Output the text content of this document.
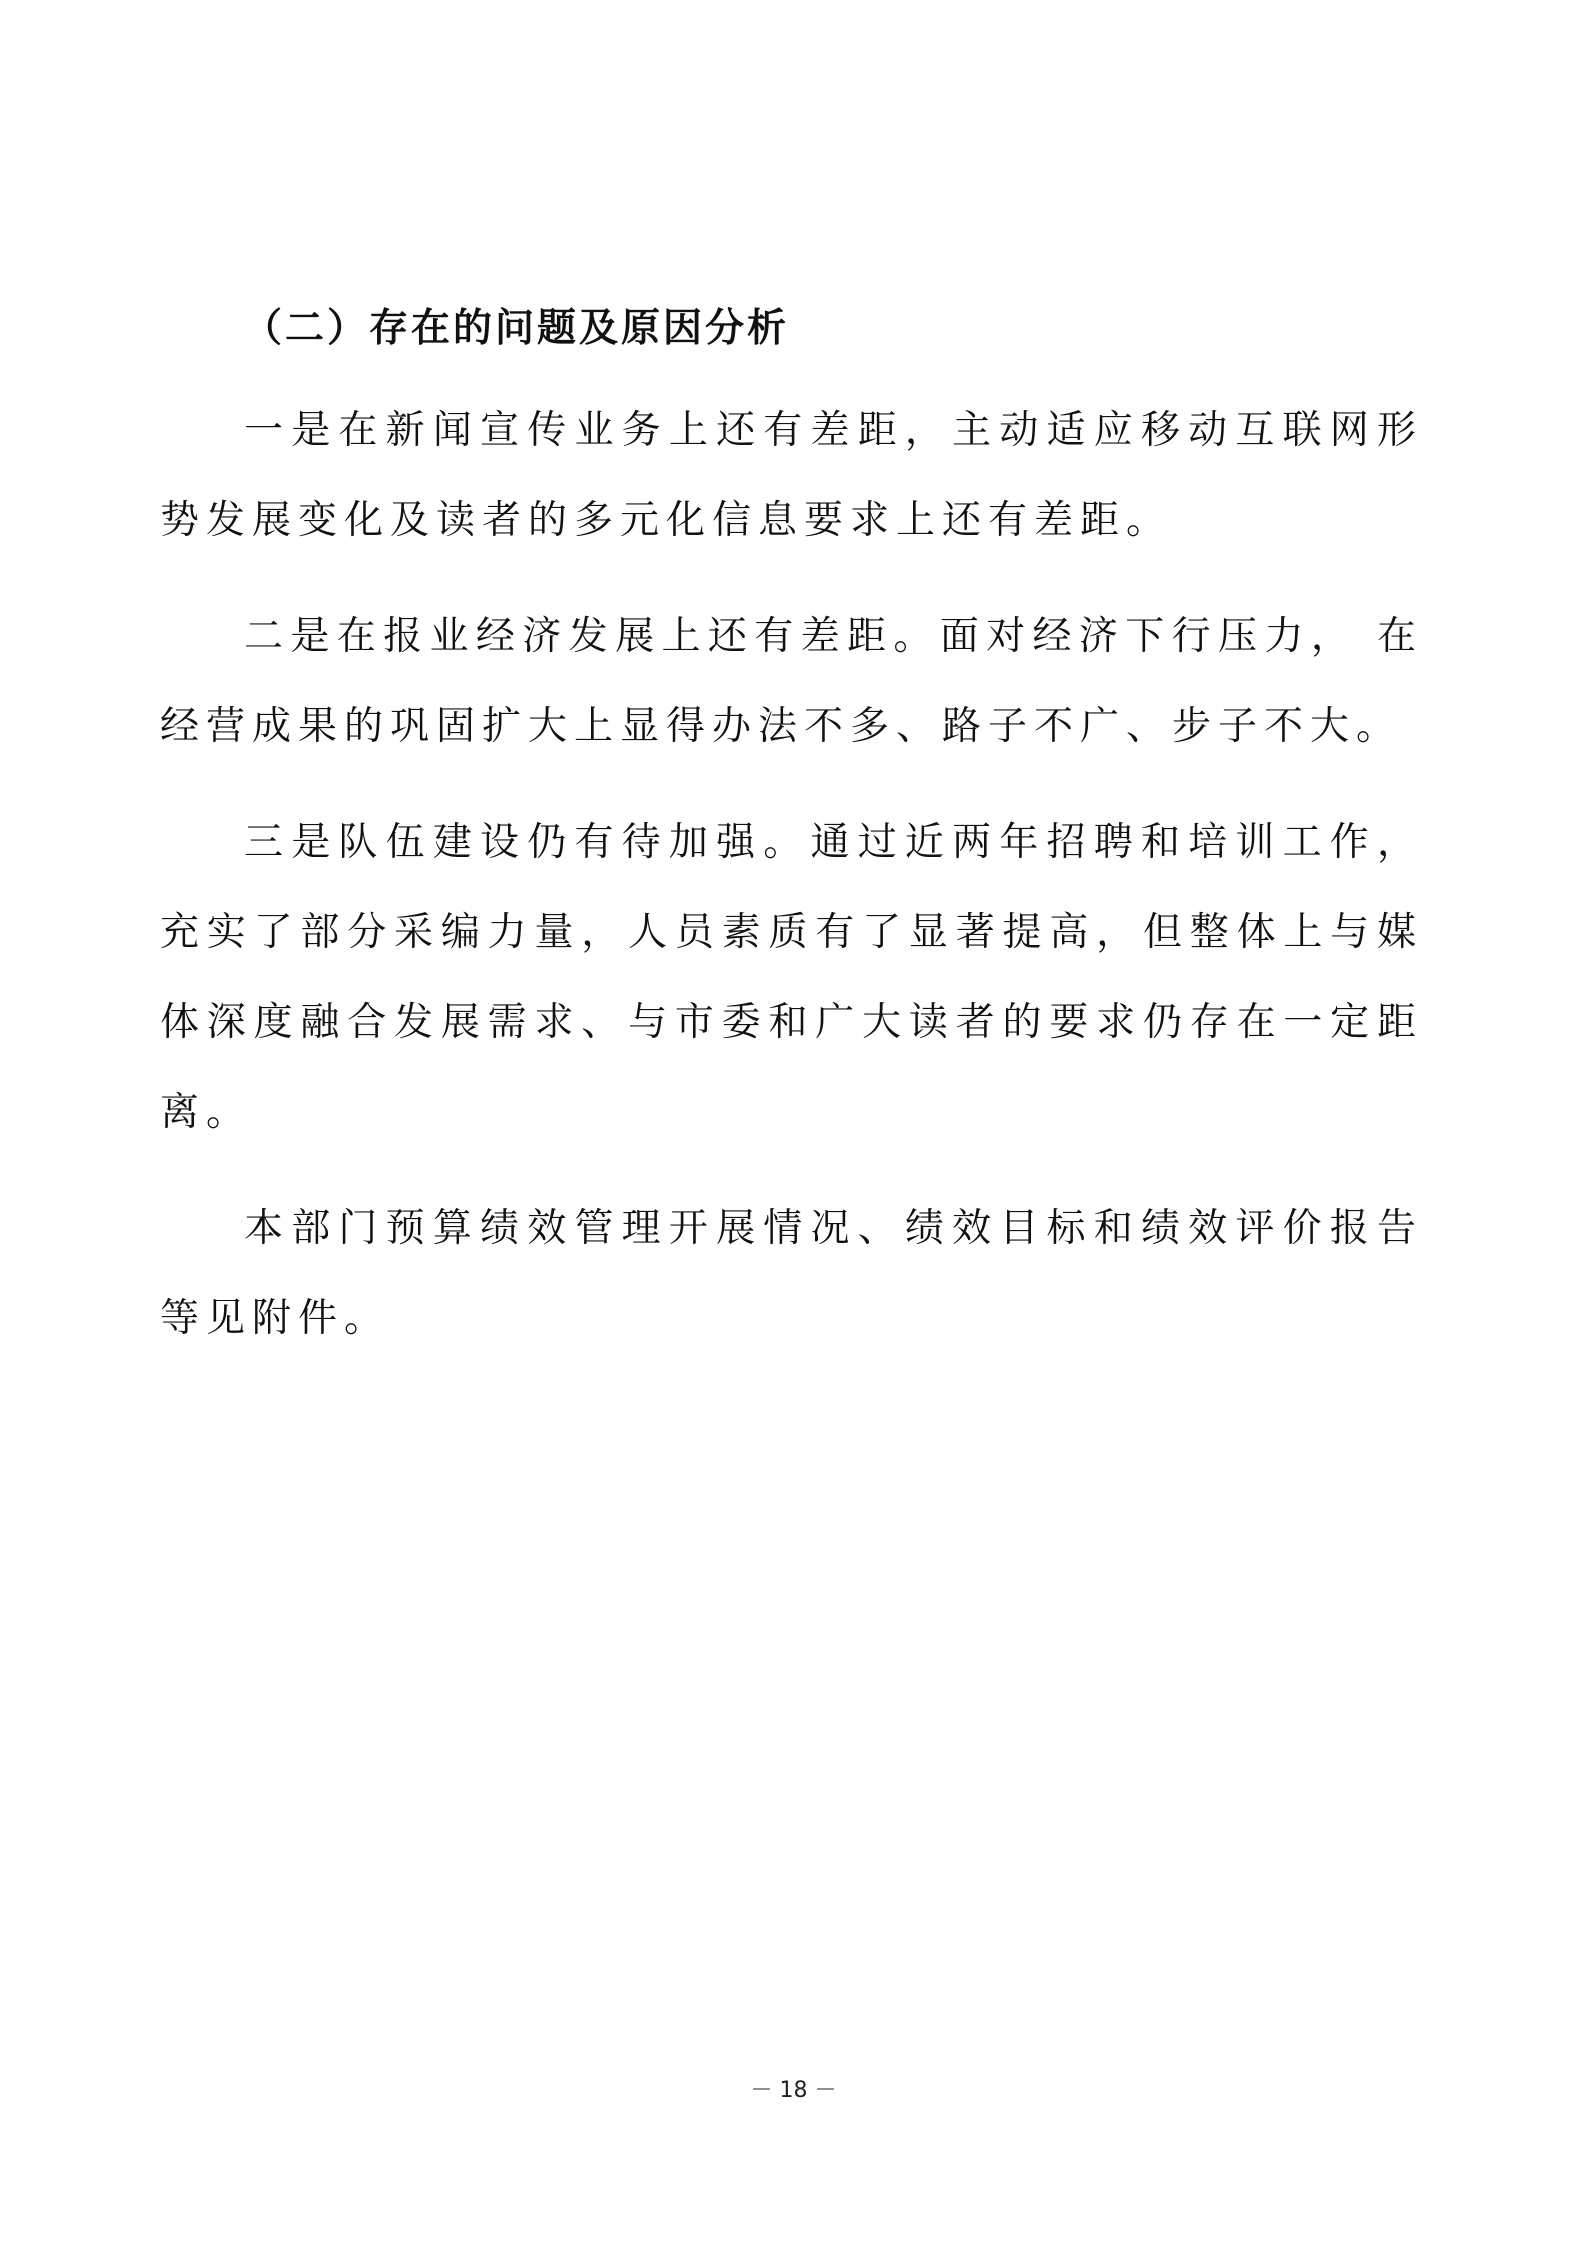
（二）存在的问题及原因分析

一是在新闻宣传业务上还有差距，主动适应移动互联网形势发展变化及读者的多元化信息要求上还有差距。

二是在报业经济发展上还有差距。面对经济下行压力， 在经营成果的巩固扩大上显得办法不多、路子不广、步子不大。

三是队伍建设仍有待加强。通过近两年招聘和培训工作， 充实了部分采编力量，人员素质有了显著提高，但整体上与媒体深度融合发展需求、与市委和广大读者的要求仍存在一定距离。

本部门预算绩效管理开展情况、绩效目标和绩效评价报告等见附件。

－ 18 －
